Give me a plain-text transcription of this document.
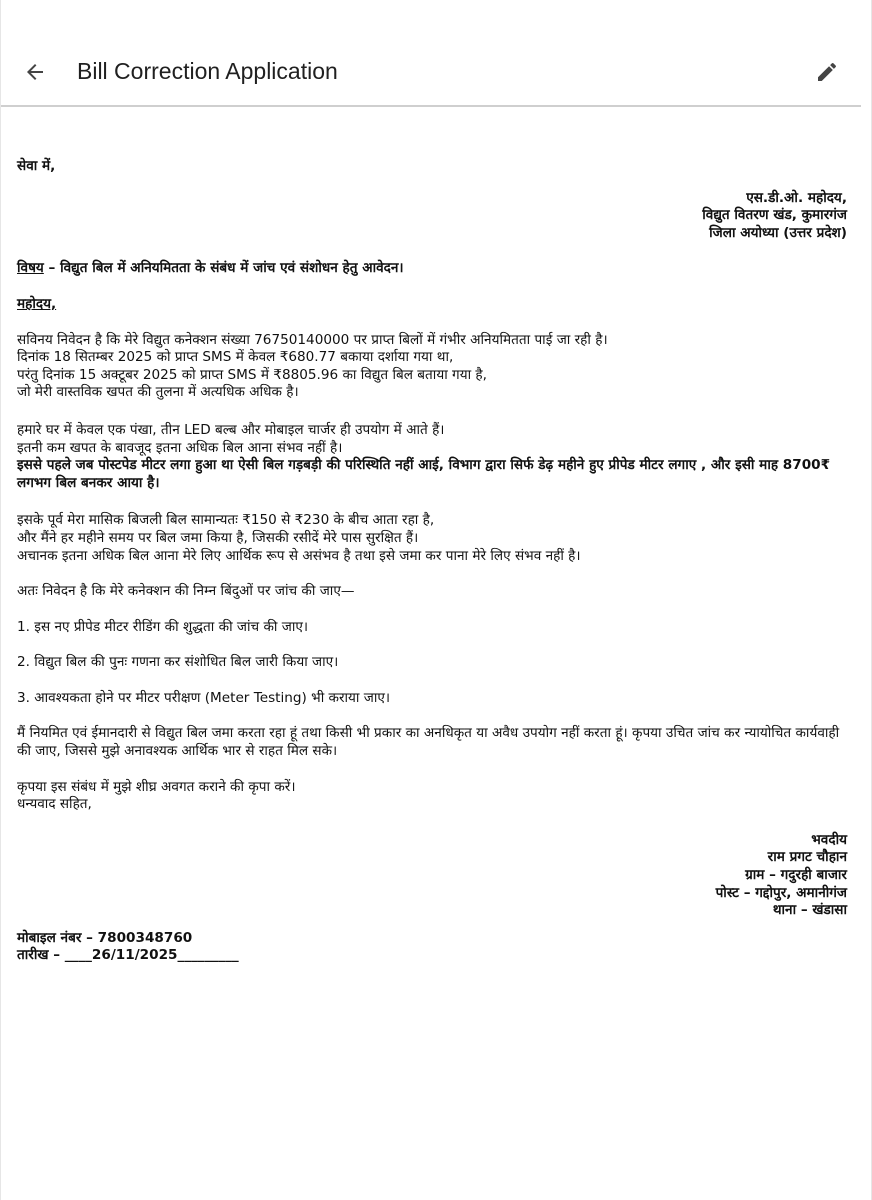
Bill Correction Application
सेवा में,
एस.डी.ओ. महोदय,
विद्युत वितरण खंड, कुमारगंज
जिला अयोध्या (उत्तर प्रदेश)
विषय – विद्युत बिल में अनियमितता के संबंध में जांच एवं संशोधन हेतु आवेदन।
महोदय,
सविनय निवेदन है कि मेरे विद्युत कनेक्शन संख्या 76750140000 पर प्राप्त बिलों में गंभीर अनियमितता पाई जा रही है।
दिनांक 18 सितम्बर 2025 को प्राप्त SMS में केवल ₹680.77 बकाया दर्शाया गया था,
परंतु दिनांक 15 अक्टूबर 2025 को प्राप्त SMS में ₹8805.96 का विद्युत बिल बताया गया है,
जो मेरी वास्तविक खपत की तुलना में अत्यधिक अधिक है।
हमारे घर में केवल एक पंखा, तीन LED बल्ब और मोबाइल चार्जर ही उपयोग में आते हैं।
इतनी कम खपत के बावजूद इतना अधिक बिल आना संभव नहीं है।
इससे पहले जब पोस्टपेड मीटर लगा हुआ था ऐसी बिल गड़बड़ी की परिस्थिति नहीं आई, विभाग द्वारा सिर्फ डेढ़ महीने हुए प्रीपेड मीटर लगाए , और इसी माह 8700₹ लगभग बिल बनकर आया है।
इसके पूर्व मेरा मासिक बिजली बिल सामान्यतः ₹150 से ₹230 के बीच आता रहा है,
और मैंने हर महीने समय पर बिल जमा किया है, जिसकी रसीदें मेरे पास सुरक्षित हैं।
अचानक इतना अधिक बिल आना मेरे लिए आर्थिक रूप से असंभव है तथा इसे जमा कर पाना मेरे लिए संभव नहीं है।
अतः निवेदन है कि मेरे कनेक्शन की निम्न बिंदुओं पर जांच की जाए—
1. इस नए प्रीपेड मीटर रीडिंग की शुद्धता की जांच की जाए।
2. विद्युत बिल की पुनः गणना कर संशोधित बिल जारी किया जाए।
3. आवश्यकता होने पर मीटर परीक्षण (Meter Testing) भी कराया जाए।
मैं नियमित एवं ईमानदारी से विद्युत बिल जमा करता रहा हूं तथा किसी भी प्रकार का अनधिकृत या अवैध उपयोग नहीं करता हूं। कृपया उचित जांच कर न्यायोचित कार्यवाही की जाए, जिससे मुझे अनावश्यक आर्थिक भार से राहत मिल सके।
कृपया इस संबंध में मुझे शीघ्र अवगत कराने की कृपा करें।
धन्यवाद सहित,
भवदीय
राम प्रगट चौहान
ग्राम – गदुरही बाजार
पोस्ट – गद्दोपुर, अमानीगंज
थाना – खंडासा
मोबाइल नंबर – 7800348760
तारीख – ____26/11/2025_________
